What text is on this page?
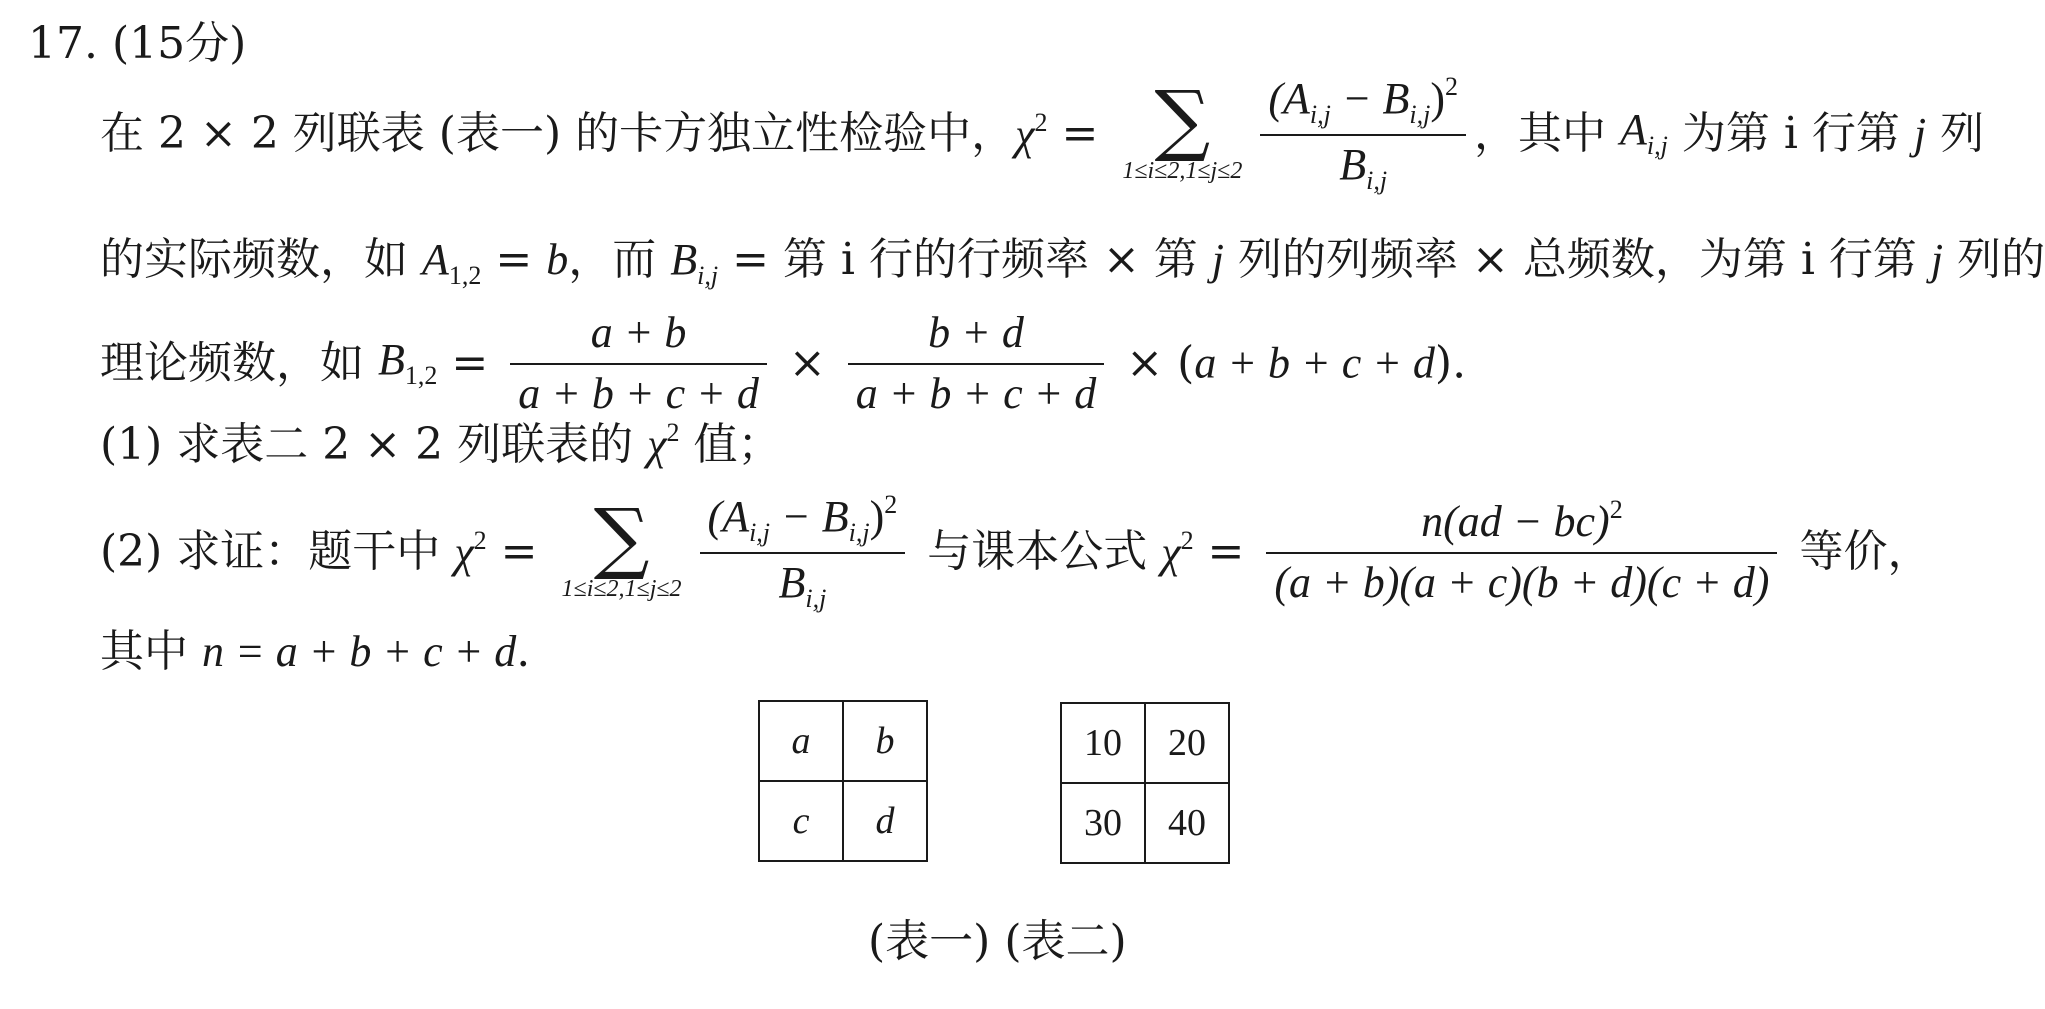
17. (15分)
在 2 × 2 列联表 (表一) 的卡方独立性检验中，$\chi^2$ = ∑
$1\le i\le 2,1\le j\le 2 \frac{(A_{i,j} - B_{i,j})^2}{B_{i,j}}$ ，其中 $A_{i,j}$ 为第 i 行第 j 列
的实际频数，如 $A_{1,2} = b$，而 $B_{i,j}$ = 第 i 行的行频率 × 第 j 列的列频率 × 总频数，为第 i 行第 j 列的
理论频数，如 $B_{1,2} = \frac{a + b}{a + b + c + d} \times \frac{b + d}{a + b + c + d} \times (a + b + c + d)$.
(1) 求表二 2 × 2 列联表的 $\chi^2$ 值；
(2) 求证：题干中 $\chi^2$ = ∑
$1\le i\le 2,1\le j\le 2 \frac{(A_{i,j} - B_{i,j})^2}{B_{i,j}}$ 与课本公式 $\chi^2 = \frac{n(ad - bc)^2}{(a + b)(a + c)(b + d)(c + d)}$ 等价，
其中 n = a + b + c + d.
a	b
c	d
10	20
30	40
(表一) (表二)
